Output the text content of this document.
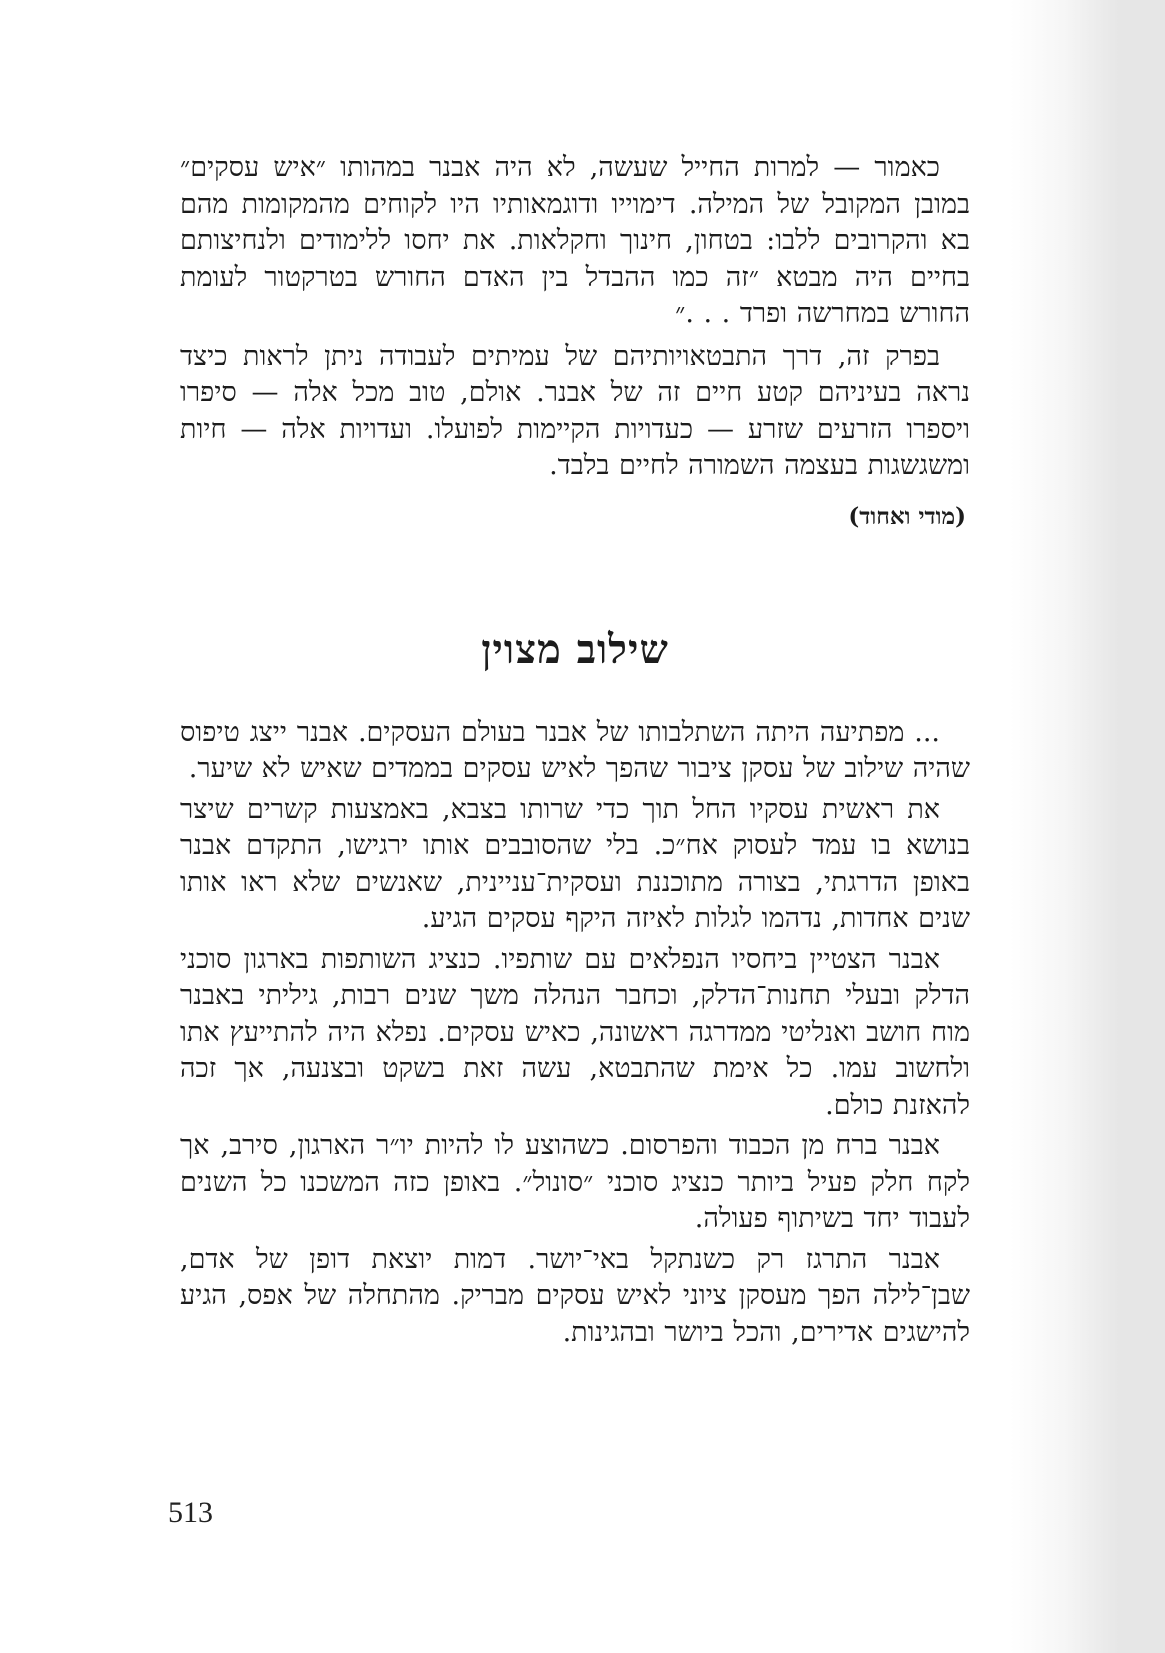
כאמור — למרות החייל שעשה, לא היה אבנר במהותו ״איש עסקים״ במובן המקובל של המילה. דימוייו ודוגמאותיו היו לקוחים מהמקומות מהם בא והקרובים ללבו: בטחון, חינוך וחקלאות. את יחסו ללימודים ולנחיצותם בחיים היה מבטא ״זה כמו ההבדל בין האדם החורש בטרקטור לעומת החורש במחרשה ופרד . . .״

בפרק זה, דרך התבטאויותיהם של עמיתים לעבודה ניתן לראות כיצד נראה בעיניהם קטע חיים זה של אבנר. אולם, טוב מכל אלה — סיפרו ויספרו הזרעים שזרע — כעדויות הקיימות לפועלו. ועדויות אלה — חיות ומשגשגות בעצמה השמורה לחיים בלבד.

(מודי ואחוד)
שילוב מצוין

... מפתיעה היתה השתלבותו של אבנר בעולם העסקים. אבנר ייצג טיפוס שהיה שילוב של עסקן ציבור שהפך לאיש עסקים בממדים שאיש לא שיער.

את ראשית עסקיו החל תוך כדי שרותו בצבא, באמצעות קשרים שיצר בנושא בו עמד לעסוק אח״כ. בלי שהסובבים אותו ירגישו, התקדם אבנר באופן הדרגתי, בצורה מתוכננת ועסקית־עניינית, שאנשים שלא ראו אותו שנים אחדות, נדהמו לגלות לאיזה היקף עסקים הגיע.

אבנר הצטיין ביחסיו הנפלאים עם שותפיו. כנציג השותפות בארגון סוכני הדלק ובעלי תחנות־הדלק, וכחבר הנהלה משך שנים רבות, גיליתי באבנר מוח חושב ואנליטי ממדרגה ראשונה, כאיש עסקים. נפלא היה להתייעץ אתו ולחשוב עמו. כל אימת שהתבטא, עשה זאת בשקט ובצנעה, אך זכה להאזנת כולם.

אבנר ברח מן הכבוד והפרסום. כשהוצע לו להיות יו״ר הארגון, סירב, אך לקח חלק פעיל ביותר כנציג סוכני ״סונול״. באופן כזה המשכנו כל השנים לעבוד יחד בשיתוף פעולה.

אבנר התרגז רק כשנתקל באי־יושר. דמות יוצאת דופן של אדם, שבן־לילה הפך מעסקן ציוני לאיש עסקים מבריק. מהתחלה של אפס, הגיע להישגים אדירים, והכל ביושר ובהגינות.

513
